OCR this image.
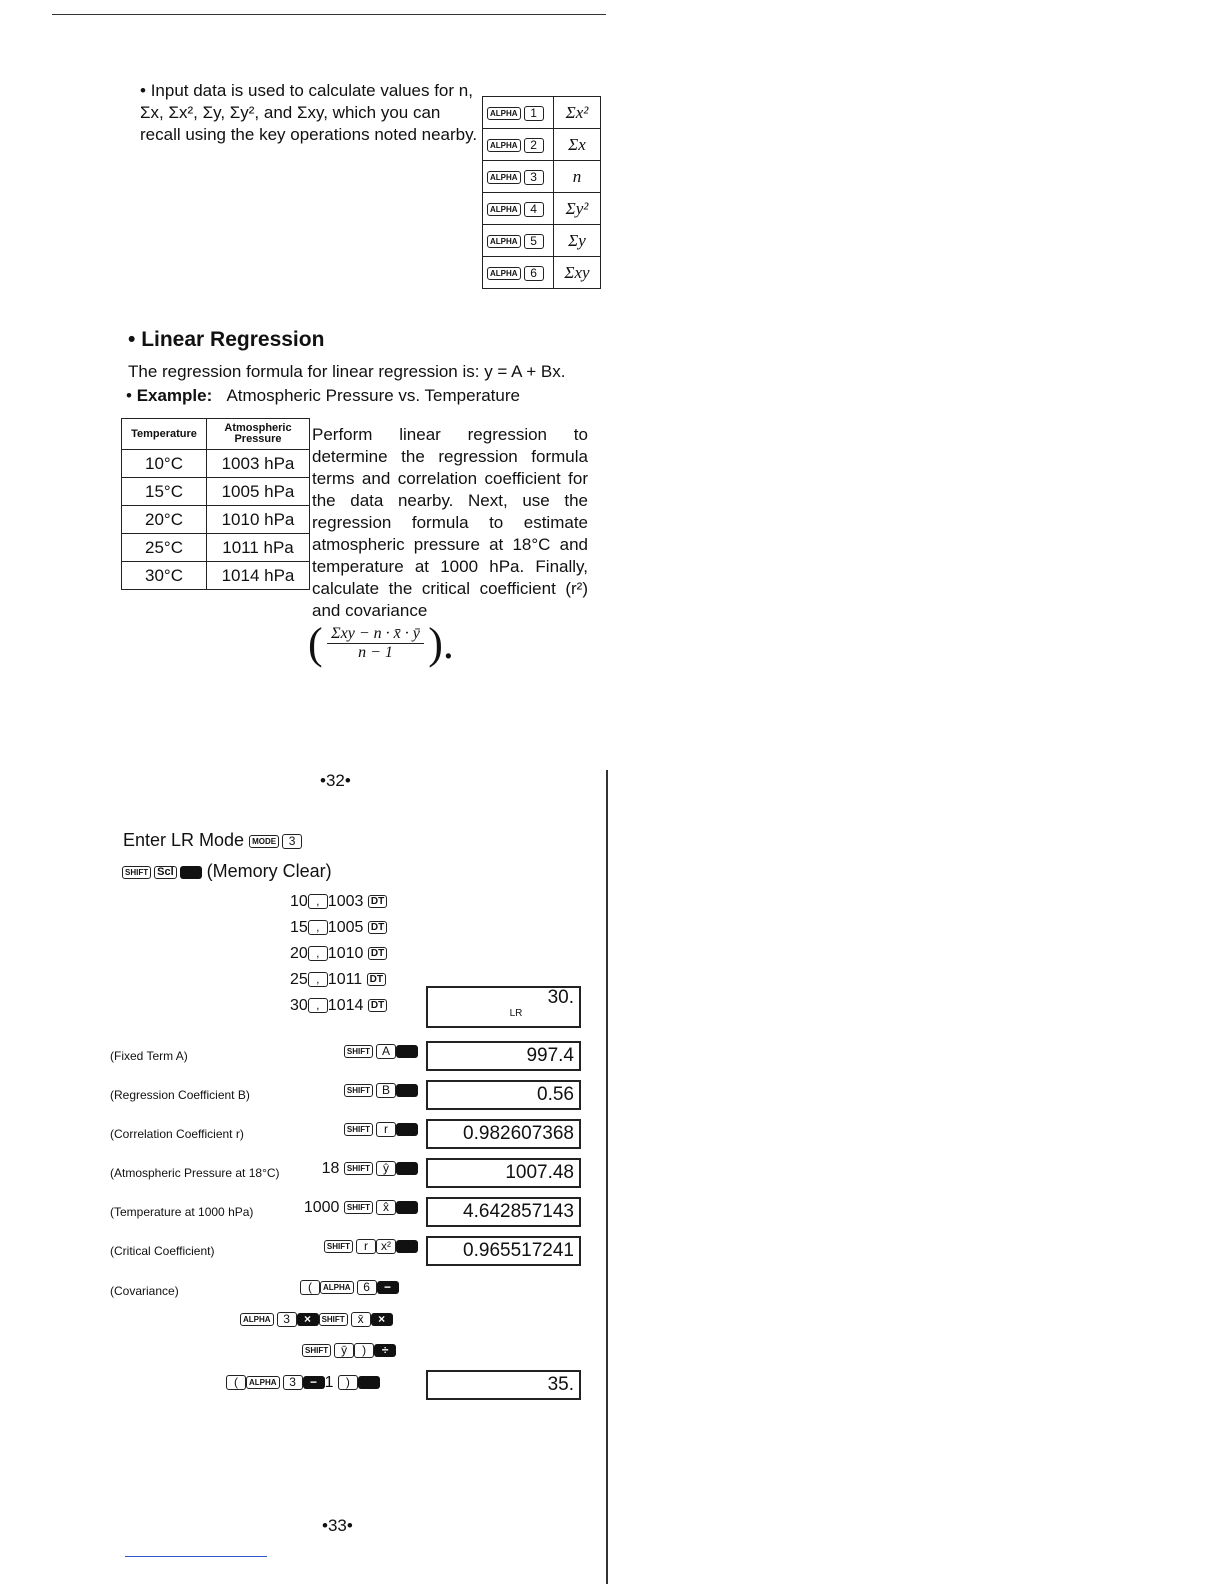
• Input data is used to calculate values for n, Σx, Σx², Σy, Σy², and Σxy, which you can recall using the key operations noted nearby.
ALPHA 1	Σx²
ALPHA 2	Σx
ALPHA 3	n
ALPHA 4	Σy²
ALPHA 5	Σy
ALPHA 6	Σxy
• Linear Regression
The regression formula for linear regression is: y = A + Bx.
• Example: Atmospheric Pressure vs. Temperature
Temperature	Atmospheric Pressure
10°C	1003 hPa
15°C	1005 hPa
20°C	1010 hPa
25°C	1011 hPa
30°C	1014 hPa
Perform linear regression to determine the regression formula terms and correlation coefficient for the data nearby. Next, use the regression formula to estimate atmospheric pressure at 18°C and temperature at 1000 hPa. Finally, calculate the critical coefficient (r²) and covariance
( $\frac{\text{Σxy − n · x̄ · ȳ}}{n - 1}$ ).
•32•
Enter LR Mode MODE 3
SHIFT Scl (Memory Clear)
10 , 1003 DT
15 , 1005 DT
20 , 1010 DT
25 , 1011 DT
30 , 1014 DT	30.
LR
(Fixed Term A)	SHIFT A	997.4
(Regression Coefficient B)	SHIFT B	0.56
(Correlation Coefficient r)	SHIFT r	0.982607368
(Atmospheric Pressure at 18°C)	18 SHIFT ŷ	1007.48
(Temperature at 1000 hPa)	1000 SHIFT x̂	4.642857143
(Critical Coefficient)	SHIFT r x²	0.965517241
(Covariance)	( ALPHA 6 −
ALPHA 3 × SHIFT x̄ ×
SHIFT ȳ ) ÷
( ALPHA 3 − 1 )	35.
•33•
